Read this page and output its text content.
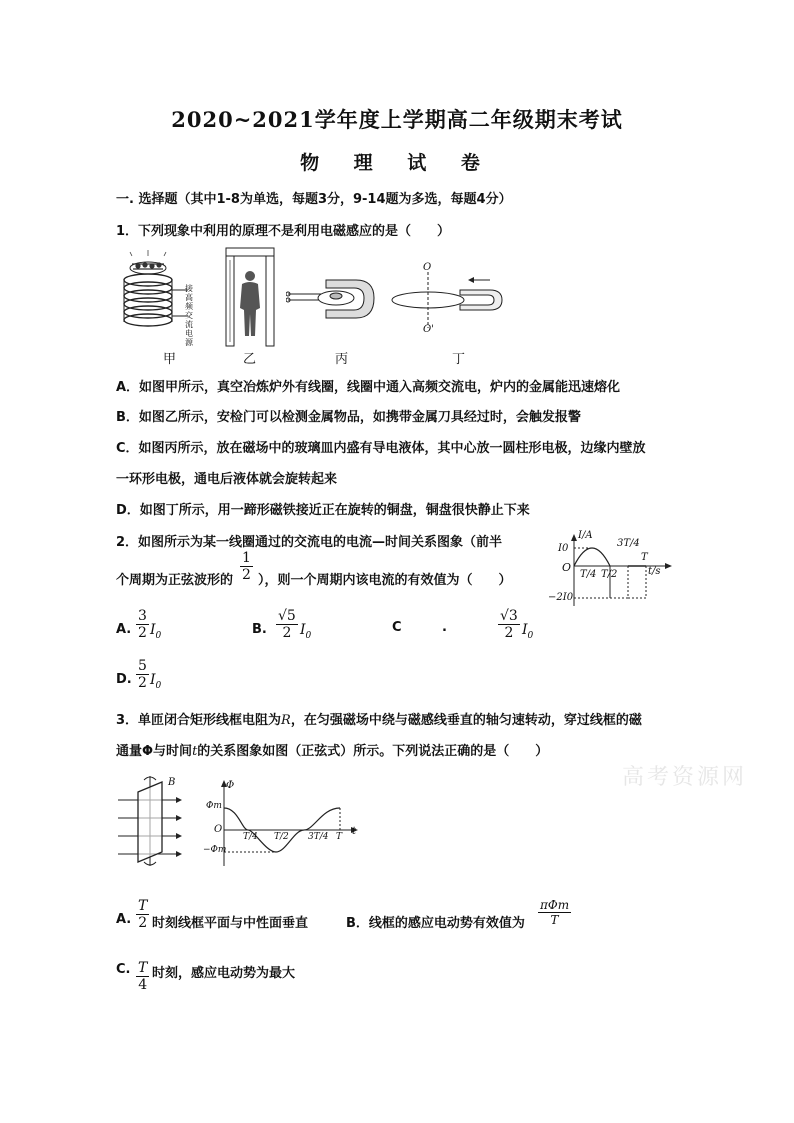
2020~2021学年度上学期高二年级期末考试
物 理 试 卷
一. 选择题（其中1-8为单选，每题3分，9-14题为多选，每题4分）
1．下列现象中利用的原理不是利用电磁感应的是（　　）
接高频交流电源
甲	乙	丙
O
O'
丁
A．如图甲所示，真空冶炼炉外有线圈，线圈中通入高频交流电，炉内的金属能迅速熔化
B．如图乙所示，安检门可以检测金属物品，如携带金属刀具经过时，会触发报警
C．如图丙所示，放在磁场中的玻璃皿内盛有导电液体，其中心放一圆柱形电极，边缘内壁放
一环形电极，通电后液体就会旋转起来
D．如图丁所示，用一蹄形磁铁接近正在旋转的铜盘，铜盘很快静止下来
2．如图所示为某一线圈通过的交流电的电流—时间关系图象（前半
个周期为正弦波形的 $\frac{1}{2}$ ），则一个周期内该电流的有效值为（　　）
I/A
I0
O
−2I0
t/s
T/4 T/2
3T/4
T
A. $\frac{3}{2} I_0$	B. $\frac{√5}{2} I_0$
C	.	$\frac{√3}{2} I_0$
D. $\frac{5}{2} I_0$
3．单匝闭合矩形线框电阻为R，在匀强磁场中绕与磁感线垂直的轴匀速转动，穿过线框的磁
通量Φ与时间t的关系图象如图（正弦式）所示。下列说法正确的是（　　）
高考资源网
B	Φ
Φm
−Φm
O
T/4 T/2 3T/4 T t
A. $\frac{T}{2}$ 时刻线框平面与中性面垂直	B．线框的感应电动势有效值为
πΦm
T
C. $\frac{T}{4}$ 时刻，感应电动势为最大
